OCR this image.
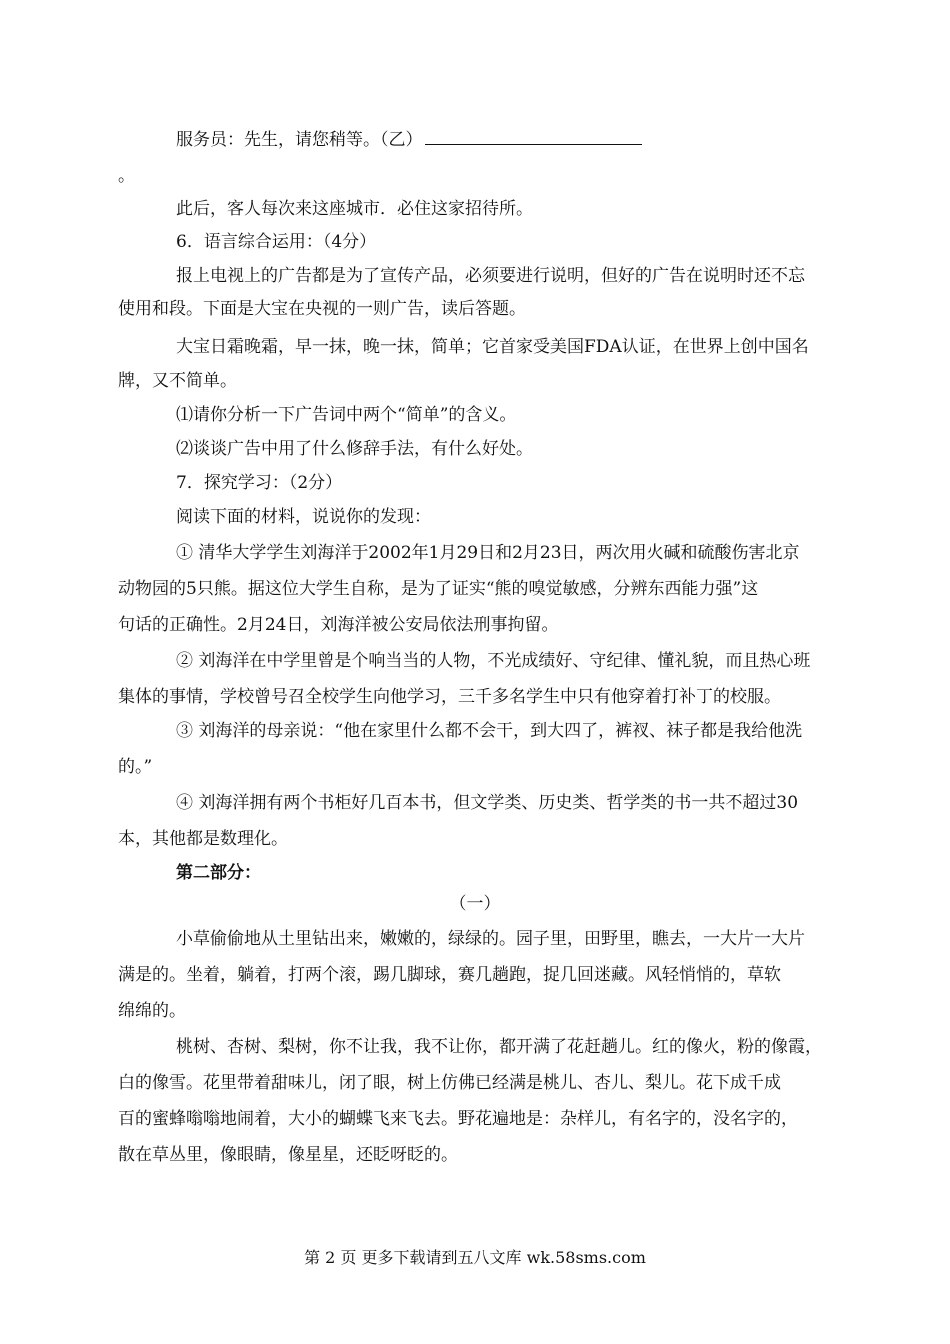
服务员：先生，请您稍等。（乙）
。
此后，客人每次来这座城市．必住这家招待所。
6．语言综合运用：（4分）
报上电视上的广告都是为了宣传产品，必须要进行说明，但好的广告在说明时还不忘
使用和段。下面是大宝在央视的一则广告，读后答题。
大宝日霜晚霜，早一抹，晚一抹，简单；它首家受美国FDA认证，在世界上创中国名
牌，又不简单。
⑴请你分析一下广告词中两个“简单”的含义。
⑵谈谈广告中用了什么修辞手法，有什么好处。
7．探究学习：（2分）
阅读下面的材料，说说你的发现：
① 清华大学学生刘海洋于2002年1月29日和2月23日，两次用火碱和硫酸伤害北京
动物园的5只熊。据这位大学生自称，是为了证实“熊的嗅觉敏感，分辨东西能力强”这
句话的正确性。2月24日，刘海洋被公安局依法刑事拘留。
② 刘海洋在中学里曾是个响当当的人物，不光成绩好、守纪律、懂礼貌，而且热心班
集体的事情，学校曾号召全校学生向他学习，三千多名学生中只有他穿着打补丁的校服。
③ 刘海洋的母亲说：“他在家里什么都不会干，到大四了，裤衩、袜子都是我给他洗
的。”
④ 刘海洋拥有两个书柜好几百本书，但文学类、历史类、哲学类的书一共不超过30
本，其他都是数理化。
第二部分：
（一）
小草偷偷地从土里钻出来，嫩嫩的，绿绿的。园子里，田野里，瞧去，一大片一大片
满是的。坐着，躺着，打两个滚，踢几脚球，赛几趟跑，捉几回迷藏。风轻悄悄的，草软
绵绵的。
桃树、杏树、梨树，你不让我，我不让你，都开满了花赶趟儿。红的像火，粉的像霞，
白的像雪。花里带着甜味儿，闭了眼，树上仿佛已经满是桃儿、杏儿、梨儿。花下成千成
百的蜜蜂嗡嗡地闹着，大小的蝴蝶飞来飞去。野花遍地是：杂样儿，有名字的，没名字的，
散在草丛里，像眼睛，像星星，还眨呀眨的。
第 2 页 更多下载请到五八文库 wk.58sms.com
